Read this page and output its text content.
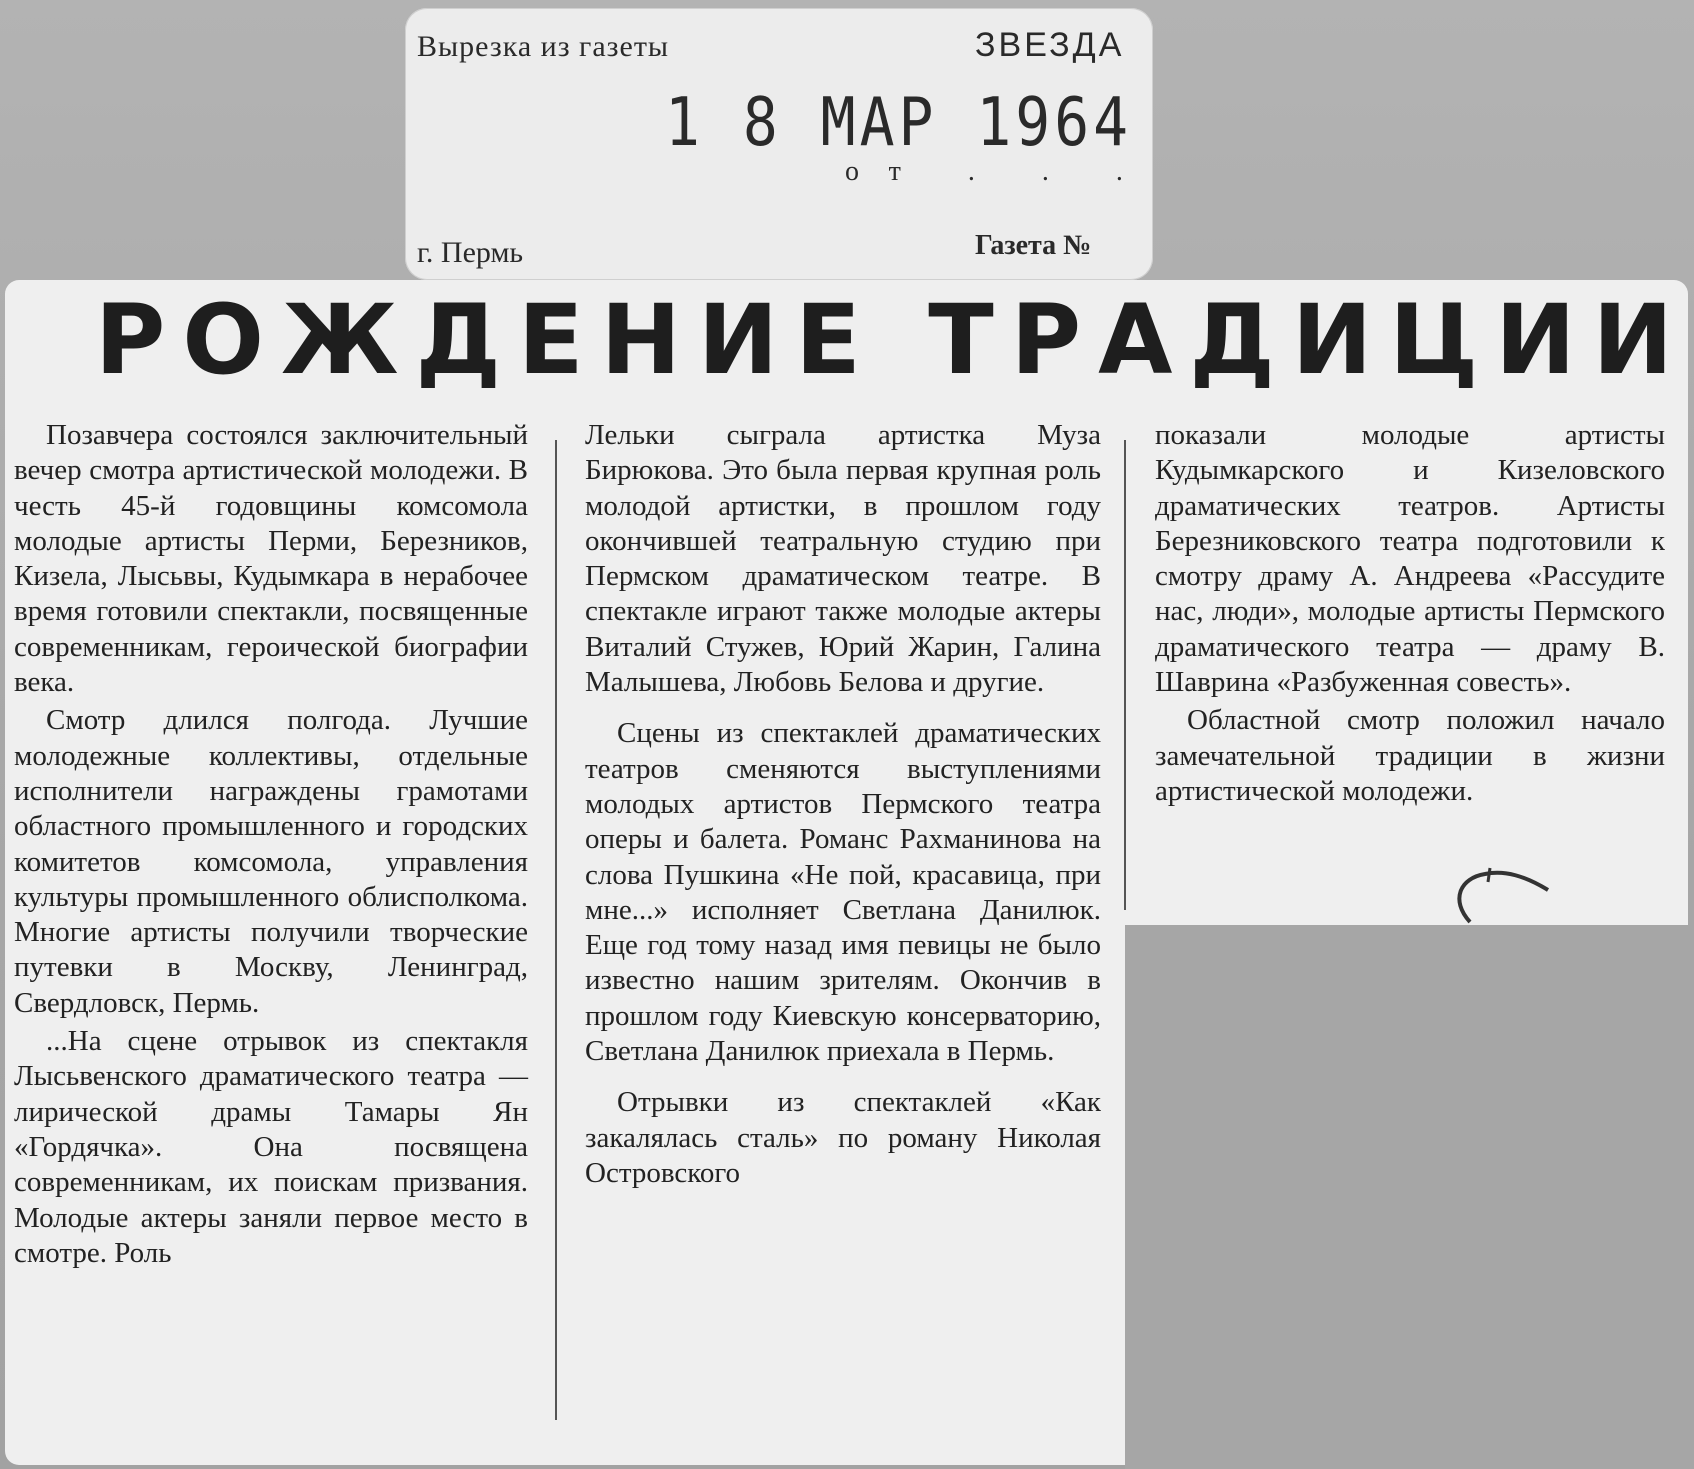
Вырезка из газеты	ЗВЕЗДА
1 8 МАР 1964
от . . .
г. Пермь	Газета №
РОЖДЕНИЕ ТРАДИЦИИ

Позавчера состоялся заключительный вечер смотра артистической молодежи. В честь 45-й годовщины комсомола молодые артисты Перми, Березников, Кизела, Лысьвы, Кудымкара в нерабочее время готовили спектакли, посвященные современникам, героической биографии века.

Смотр длился полгода. Лучшие молодежные коллективы, отдельные исполнители награждены грамотами областного промышленного и городских комитетов комсомола, управления культуры промышленного облисполкома. Многие артисты получили творческие путевки в Москву, Ленинград, Свердловск, Пермь.

...На сцене отрывок из спектакля Лысьвенского драматического театра — лирической драмы Тамары Ян «Гордячка». Она посвящена современникам, их поискам призвания. Молодые актеры заняли первое место в смотре. Роль

Лельки сыграла артистка Муза Бирюкова. Это была первая крупная роль молодой артистки, в прошлом году окончившей театральную студию при Пермском драматическом театре. В спектакле играют также молодые актеры Виталий Стужев, Юрий Жарин, Галина Малышева, Любовь Белова и другие.

Сцены из спектаклей драматических театров сменяются выступлениями молодых артистов Пермского театра оперы и балета. Романс Рахманинова на слова Пушкина «Не пой, красавица, при мне...» исполняет Светлана Данилюк. Еще год тому назад имя певицы не было известно нашим зрителям. Окончив в прошлом году Киевскую консерваторию, Светлана Данилюк приехала в Пермь.

Отрывки из спектаклей «Как закалялась сталь» по роману Николая Островского

показали молодые артисты Кудымкарского и Кизеловского драматических театров. Артисты Березниковского театра подготовили к смотру драму А. Андреева «Рассудите нас, люди», молодые артисты Пермского драматического театра — драму В. Шаврина «Разбуженная совесть».

Областной смотр положил начало замечательной традиции в жизни артистической молодежи.
